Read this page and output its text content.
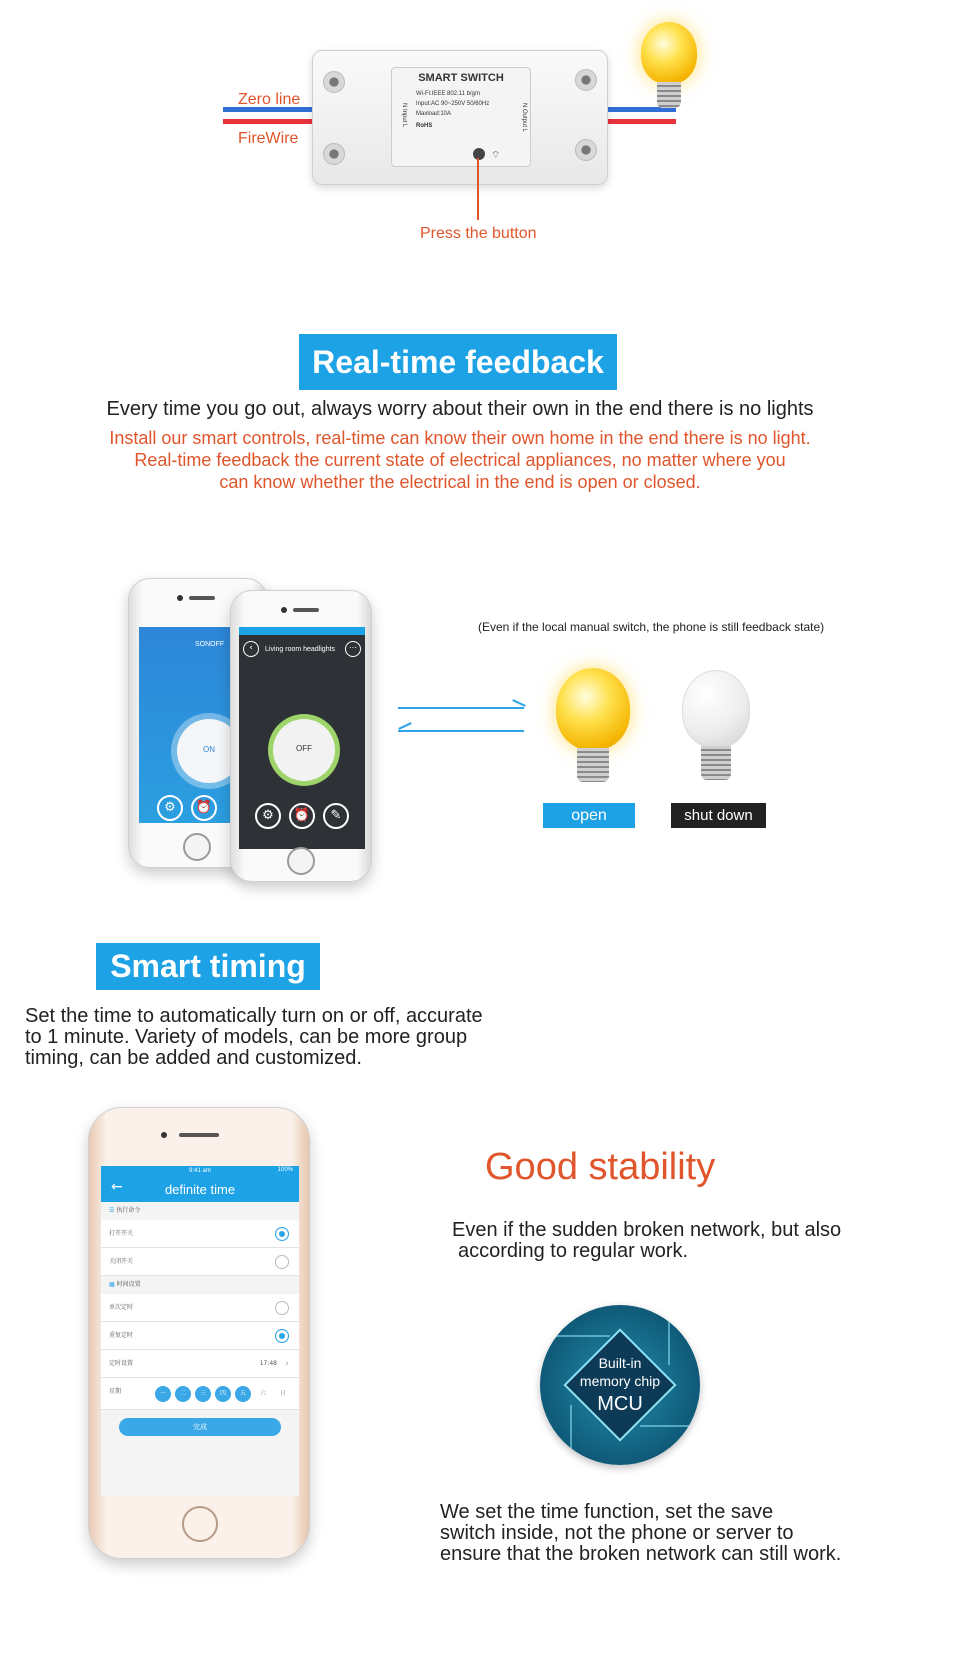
Zero line
FireWire
SMART SWITCH
Wi-Fi:IEEE 802.11 b/g/n
Input:AC 90~250V 50/60Hz
Maxload:10A
RoHS
N Input L	N Output L
⌔
Press the button
Real-time feedback
Every time you go out, always worry about their own in the end there is no lights
Install our smart controls, real-time can know their own home in the end there is no light.
Real-time feedback the current state of electrical appliances, no matter where you
can know whether the electrical in the end is open or closed.
SONOFF
ON
⚙	⏰
‹	Living room headlights	⋯
OFF
⚙	⏰	✎
(Even if the local manual switch, the phone is still feedback state)
open	shut down
Smart timing
Set the time to automatically turn on or off, accurate
to 1 minute. Variety of models, can be more group
timing, can be added and customized.
9:41 am	100%
←	definite time
☰ 执行命令
打开开关
关闭开关
▦ 时间设置
单次定时
重复定时
定时设置	17:48 ›
星期	一	二	三	四	五	六	日
完成
Good stability
Even if the sudden broken network, but also
according to regular work.
Built-in
memory chip
MCU
We set the time function, set the save
switch inside, not the phone or server to
ensure that the broken network can still work.
